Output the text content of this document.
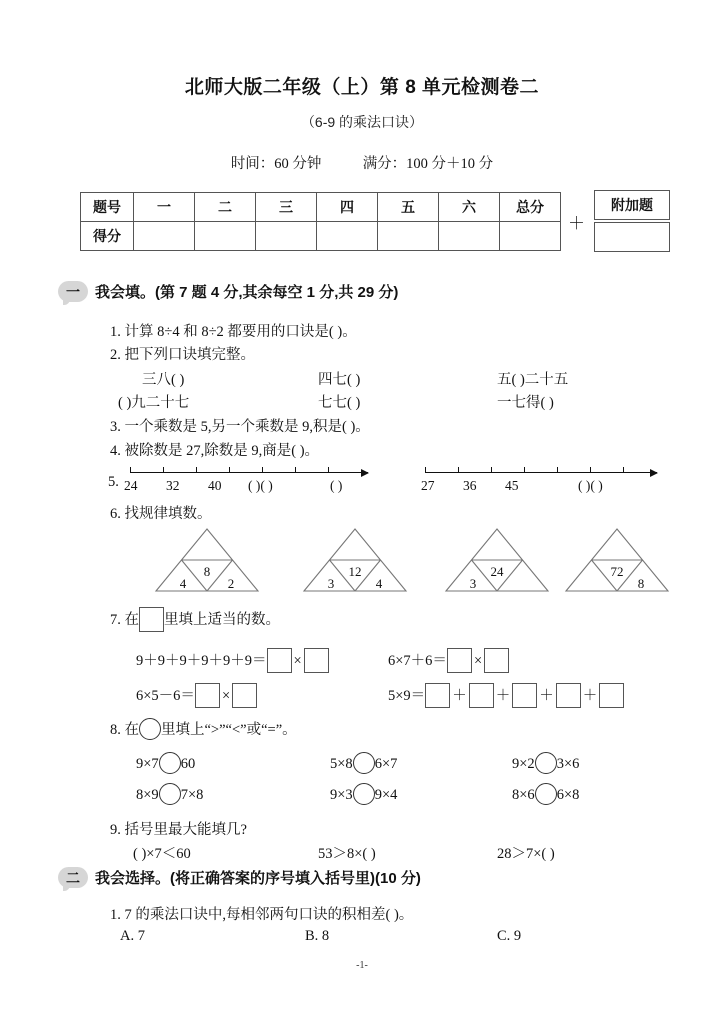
北师大版二年级（上）第 8 单元检测卷二
（6-9 的乘法口诀）
时间：60 分钟	满分：100 分＋10 分
题号	一	二	三	四	五	六	总分
得分							
＋
附加题

一	我会填。(第 7 题 4 分,其余每空 1 分,共 29 分)
1. 计算 8÷4 和 8÷2 都要用的口诀是( )。
2. 把下列口诀填完整。
三八( )	四七( )	五( )二十五
( )九二十七	七七( )	一七得( )
3. 一个乘数是 5,另一个乘数是 9,积是( )。
4. 被除数是 27,除数是 9,商是( )。
5. 24 32 40 ( )( )	( )	27 36 45	( )( )
6. 找规律填数。
8
4	2
12
3	4
24
3
72
8
7. 在 里填上适当的数。
9＋9＋9＋9＋9＋9＝ ×	6×7＋6＝ ×
6×5－6＝ ×	5×9＝ ＋ ＋ ＋ ＋
8. 在 里填上“>”“<”或“=”。
9×7 60	5×8 6×7	9×2 3×6
8×9 7×8	9×3 9×4	8×6 6×8
9. 括号里最大能填几?
( )×7＜60	53＞8×( )	28＞7×( )
二	我会选择。(将正确答案的序号填入括号里)(10 分)
1. 7 的乘法口诀中,每相邻两句口诀的积相差( )。
A. 7	B. 8	C. 9
-1-
